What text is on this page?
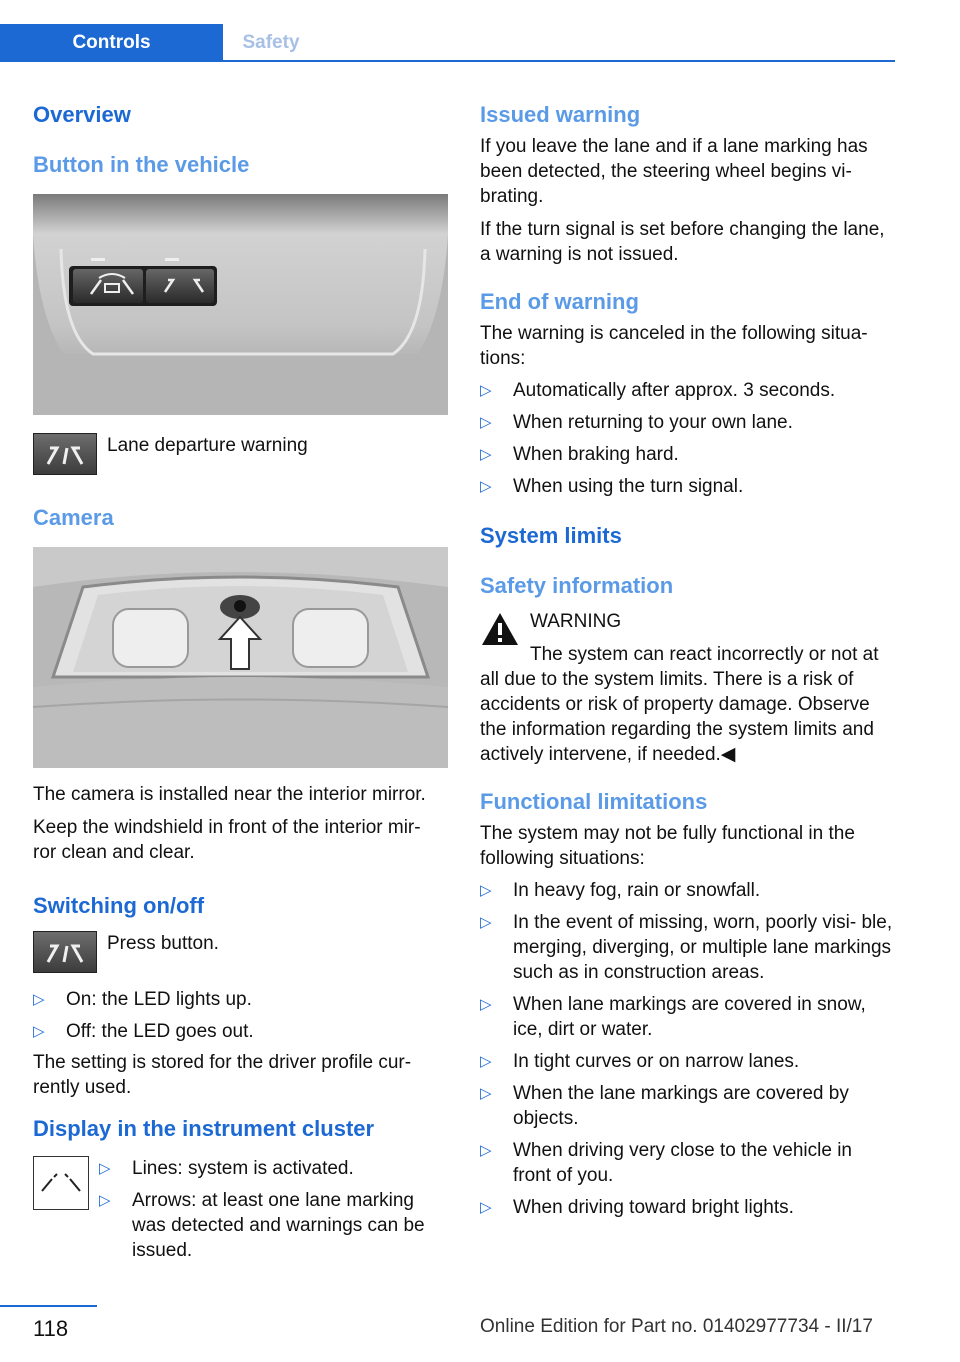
Controls	Safety
Overview
Button in the vehicle

Lane departure warning

Camera

The camera is installed near the interior mirror.

Keep the windshield in front of the interior mir‐ ror clean and clear.

Switching on/off

Press button.

▷ On: the LED lights up.
▷ Off: the LED goes out.

The setting is stored for the driver profile cur‐ rently used.

Display in the instrument cluster
▷ Lines: system is activated.
▷ Arrows: at least one lane marking was detected and warnings can be issued.
Issued warning

If you leave the lane and if a lane marking has been detected, the steering wheel begins vi‐ brating.

If the turn signal is set before changing the lane, a warning is not issued.

End of warning

The warning is canceled in the following situa‐ tions:

▷ Automatically after approx. 3 seconds.
▷ When returning to your own lane.
▷ When braking hard.
▷ When using the turn signal.
System limits
Safety information

WARNING

The system can react incorrectly or not at all due to the system limits. There is a risk of accidents or risk of property damage. Observe the information regarding the system limits and actively intervene, if needed.◀

Functional limitations

The system may not be fully functional in the following situations:

▷ In heavy fog, rain or snowfall.
▷ In the event of missing, worn, poorly visi‐ ble, merging, diverging, or multiple lane markings such as in construction areas.
▷ When lane markings are covered in snow, ice, dirt or water.
▷ In tight curves or on narrow lanes.
▷ When the lane markings are covered by objects.
▷ When driving very close to the vehicle in front of you.
▷ When driving toward bright lights.
118	Online Edition for Part no. 01402977734 - II/17
